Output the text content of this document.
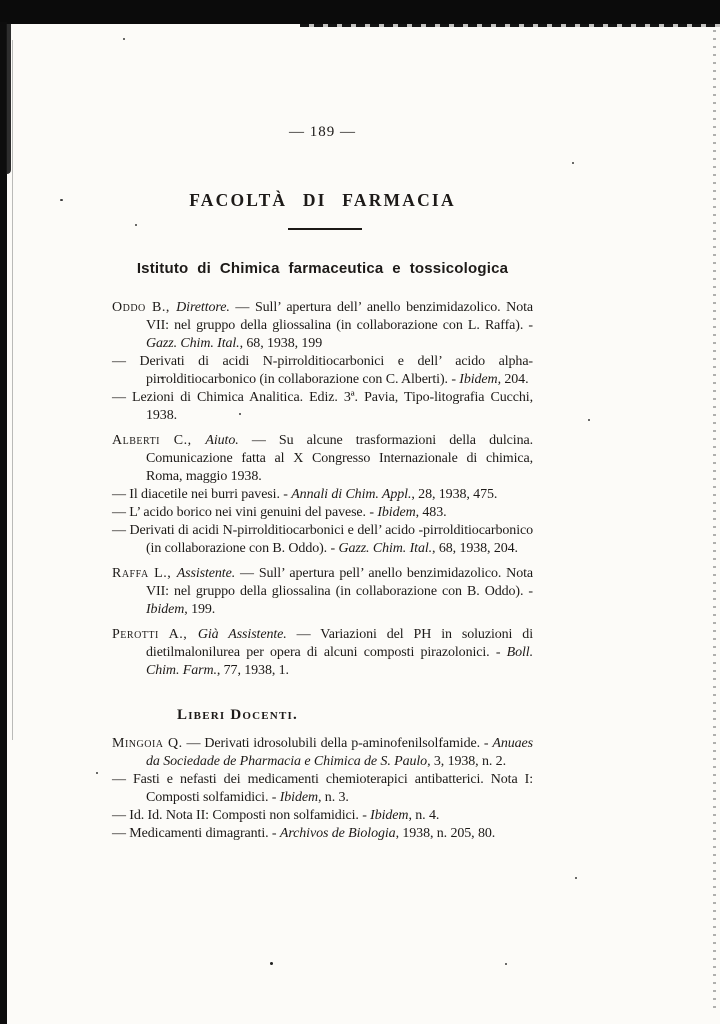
— 189 —
FACOLTÀ DI FARMACIA
Istituto di Chimica farmaceutica e tossicologica

Oddo B., Direttore. — Sull’ apertura dell’ anello benzimidazolico. Nota VII: nel gruppo della gliossalina (in collaborazione con L. Raffa). - Gazz. Chim. Ital., 68, 1938, 199

— Derivati di acidi N-pirrolditiocarbonici e dell’ acido alpha-pirrolditiocarbonico (in collaborazione con C. Alberti). - Ibidem, 204.

— Lezioni di Chimica Analitica. Ediz. 3ª. Pavia, Tipo-litografia Cucchi, 1938.

Alberti C., Aiuto. — Su alcune trasformazioni della dulcina. Comunicazione fatta al X Congresso Internazionale di chimica, Roma, maggio 1938.

— Il diacetile nei burri pavesi. - Annali di Chim. Appl., 28, 1938, 475.

— L’ acido borico nei vini genuini del pavese. - Ibidem, 483.

— Derivati di acidi N-pirrolditiocarbonici e dell’ acido -pirrolditiocarbonico (in collaborazione con B. Oddo). - Gazz. Chim. Ital., 68, 1938, 204.

Raffa L., Assistente. — Sull’ apertura pell’ anello benzimidazolico. Nota VII: nel gruppo della gliossalina (in collaborazione con B. Oddo). - Ibidem, 199.

Perotti A., Già Assistente. — Variazioni del PH in soluzioni di dietilmalonilurea per opera di alcuni composti pirazolonici. - Boll. Chim. Farm., 77, 1938, 1.

Liberi Docenti.

Mingoia Q. — Derivati idrosolubili della p-aminofenilsolfamide. - Anuaes da Sociedade de Pharmacia e Chimica de S. Paulo, 3, 1938, n. 2.

— Fasti e nefasti dei medicamenti chemioterapici antibatterici. Nota I: Composti solfamidici. - Ibidem, n. 3.

— Id. Id. Nota II: Composti non solfamidici. - Ibidem, n. 4.

— Medicamenti dimagranti. - Archivos de Biologia, 1938, n. 205, 80.
